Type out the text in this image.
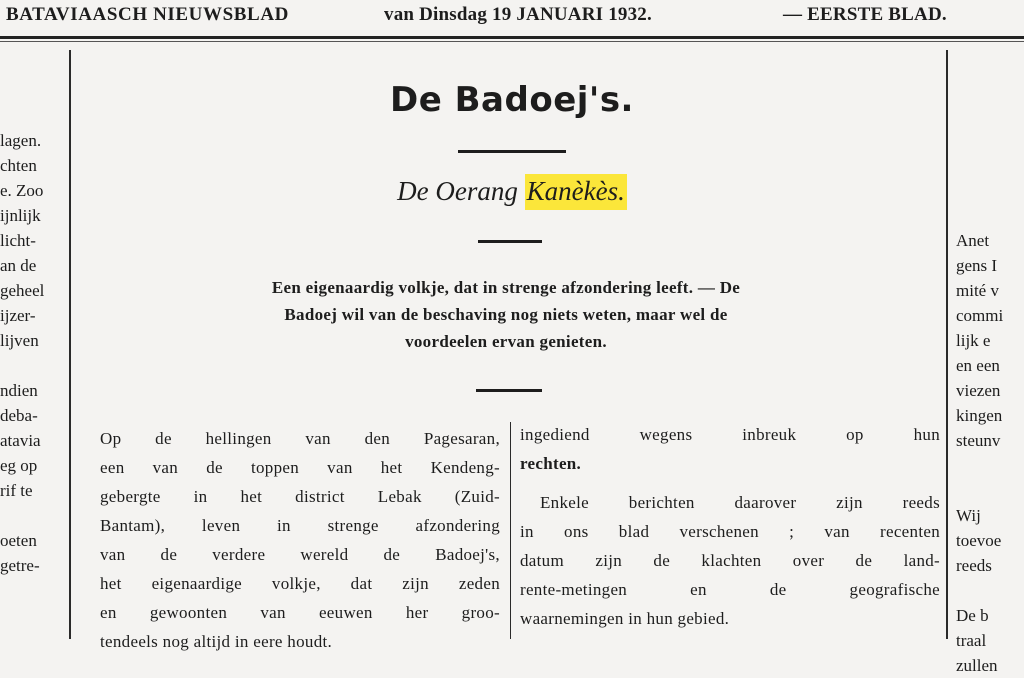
BATAVIAASCH NIEUWSBLAD	van Dinsdag 19 JANUARI 1932.	— EERSTE BLAD.
lagen.
chten
e. Zoo
ijnlijk
licht-
an de
geheel
ijzer-
lijven

ndien
deba-
atavia
eg op
rif te

oeten
getre-

Anet
gens I
mité v
commi
lijk e
en een
viezen
kingen
steunv

Wij
toevoe
reeds

De b
traal
zullen
De Badoej's.
De Oerang Kanèkès.
Een eigenaardig volkje, dat in strenge afzondering leeft. — De
Badoej wil van de beschaving nog niets weten, maar wel de
voordeelen ervan genieten.
Op de hellingen van den Pagesaran,
een van de toppen van het Kendeng-
gebergte in het district Lebak (Zuid-
Bantam), leven in strenge afzondering
van de verdere wereld de Badoej's,
het eigenaardige volkje, dat zijn zeden
en gewoonten van eeuwen her groo-
tendeels nog altijd in eere houdt.
ingediend wegens inbreuk op hun
rechten.
Enkele berichten daarover zijn reeds
in ons blad verschenen ; van recenten
datum zijn de klachten over de land-
rente-metingen en de geografische
waarnemingen in hun gebied.
